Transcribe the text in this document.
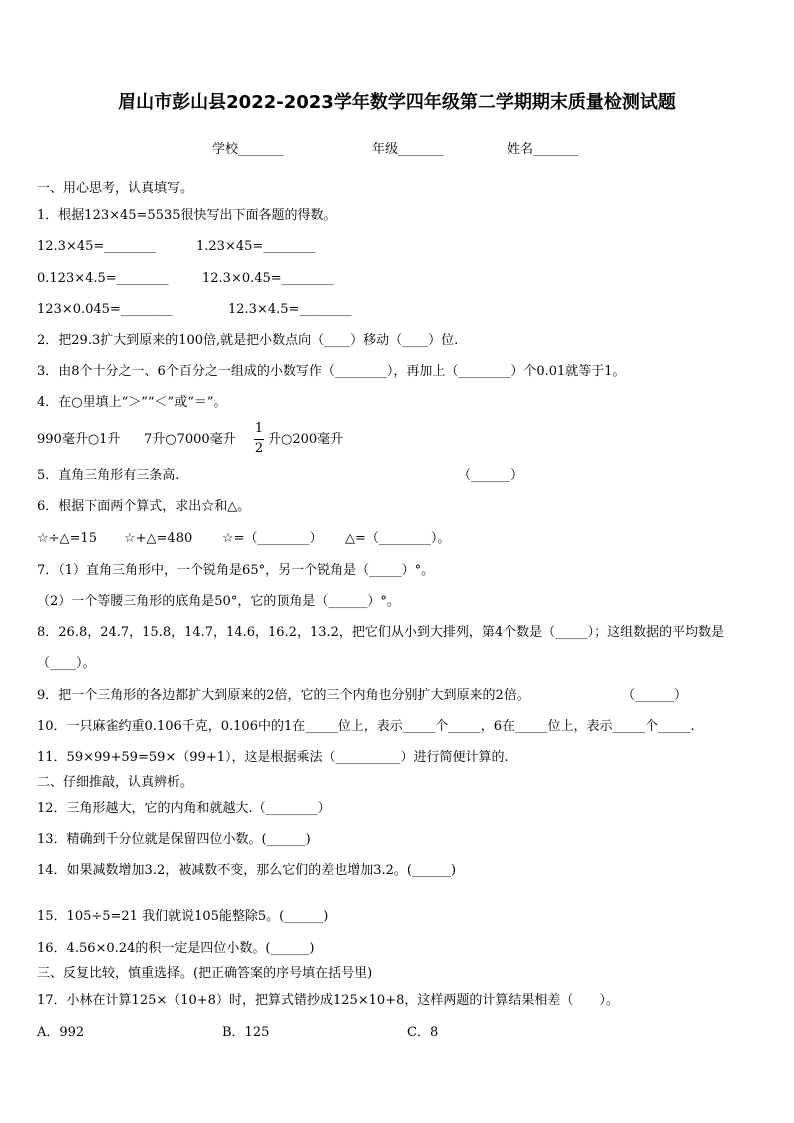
眉山市彭山县2022-2023学年数学四年级第二学期期末质量检测试题
学校_______	年级_______	姓名_______
一、用心思考，认真填写。
1．根据123×45=5535很快写出下面各题的得数。
12.3×45=________	1.23×45=________
0.123×4.5=________	12.3×0.45=________
123×0.045=________	12.3×4.5=________
2．把29.3扩大到原来的100倍,就是把小数点向（____）移动（____）位.
3．由8个十分之一、6个百分之一组成的小数写作（________），再加上（________）个0.01就等于1。
4．在○里填上“＞”“＜”或“＝”。
990毫升○1升 7升○7000毫升
1
2
升○200毫升
5．直角三角形有三条高.	（______）
6．根据下面两个算式，求出☆和△。
☆÷△=15 ☆+△=480 ☆=（________） △=（________）。
7．（1）直角三角形中，一个锐角是65°，另一个锐角是（_____）°。
（2）一个等腰三角形的底角是50°，它的顶角是（______）°。
8．26.8，24.7，15.8，14.7，14.6，16.2，13.2，把它们从小到大排列，第4个数是（_____）；这组数据的平均数是
（____）。
9．把一个三角形的各边都扩大到原来的2倍，它的三个内角也分别扩大到原来的2倍。	（______）
10．一只麻雀约重0.106千克，0.106中的1在_____位上，表示_____个_____，6在_____位上，表示_____个_____.
11．59×99+59=59×（99+1），这是根据乘法（__________）进行简便计算的.
二、仔细推敲，认真辨析。
12．三角形越大，它的内角和就越大.（________）
13．精确到千分位就是保留四位小数。(______)
14．如果减数增加3.2，被减数不变，那么它们的差也增加3.2。(______)
15．105÷5=21 我们就说105能整除5。(______)
16．4.56×0.24的积一定是四位小数。(______)
三、反复比较，慎重选择。(把正确答案的序号填在括号里)
17．小林在计算125×（10+8）时，把算式错抄成125×10+8，这样两题的计算结果相差（　　）。
A．992	B．125	C．8
